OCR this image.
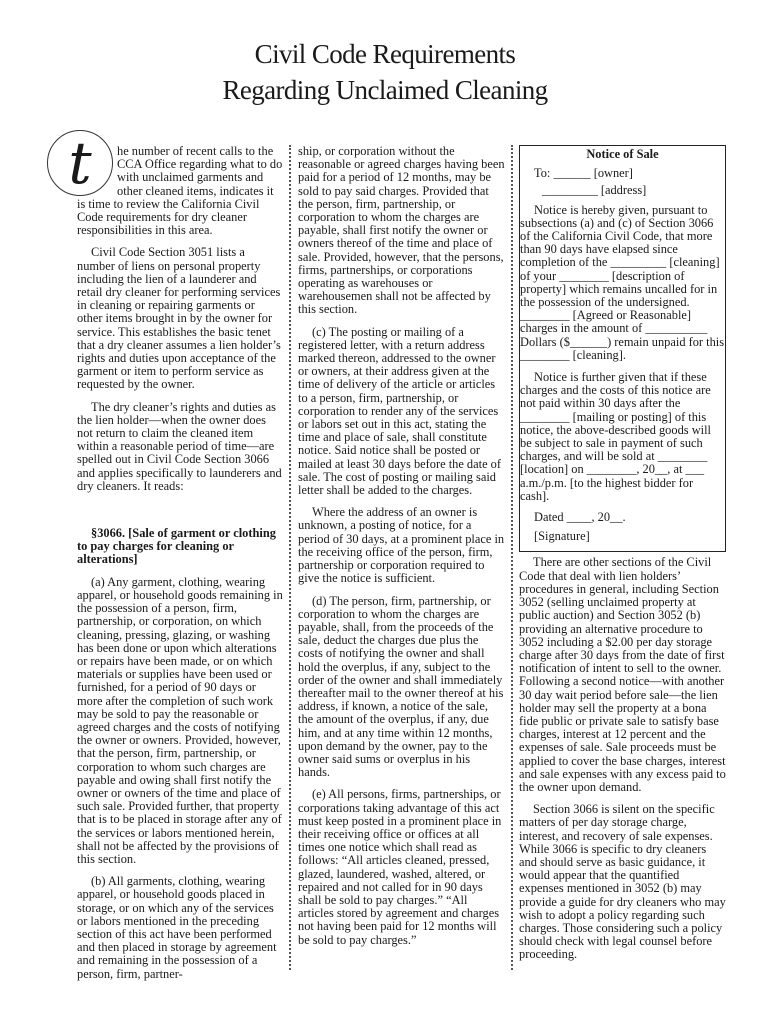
Civil Code Requirements
Regarding Unclaimed Cleaning

t	he number of recent calls to the CCA Office regarding what to do with unclaimed garments and other cleaned items, indicates it is time to review the California Civil Code requirements for dry cleaner responsibilities in this area.

Civil Code Section 3051 lists a number of liens on personal property including the lien of a launderer and retail dry cleaner for performing services in cleaning or repairing garments or other items brought in by the owner for service. This establishes the basic tenet that a dry cleaner assumes a lien holder’s rights and duties upon acceptance of the garment or item to perform service as requested by the owner.

The dry cleaner’s rights and duties as the lien holder—when the owner does not return to claim the cleaned item within a reasonable period of time—are spelled out in Civil Code Section 3066 and applies specifically to launderers and dry cleaners. It reads:

§3066. [Sale of garment or clothing to pay charges for cleaning or alterations]

(a) Any garment, clothing, wearing apparel, or household goods remaining in the possession of a person, firm, partnership, or corporation, on which cleaning, pressing, glazing, or washing has been done or upon which alterations or repairs have been made, or on which materials or supplies have been used or furnished, for a period of 90 days or more after the completion of such work may be sold to pay the reasonable or agreed charges and the costs of notifying the owner or owners. Provided, however, that the person, firm, partnership, or corporation to whom such charges are payable and owing shall first notify the owner or owners of the time and place of such sale. Provided further, that property that is to be placed in storage after any of the services or labors mentioned herein, shall not be affected by the provisions of this section.

(b) All garments, clothing, wearing apparel, or household goods placed in storage, or on which any of the services or labors mentioned in the preceding section of this act have been performed and then placed in storage by agreement and remaining in the possession of a person, firm, partner-

ship, or corporation without the reasonable or agreed charges having been paid for a period of 12 months, may be sold to pay said charges. Provided that the person, firm, partnership, or corporation to whom the charges are payable, shall first notify the owner or owners thereof of the time and place of sale. Provided, however, that the persons, firms, partnerships, or corporations operating as warehouses or warehousemen shall not be affected by this section.

(c) The posting or mailing of a registered letter, with a return address marked thereon, addressed to the owner or owners, at their address given at the time of delivery of the article or articles to a person, firm, partnership, or corporation to render any of the services or labors set out in this act, stating the time and place of sale, shall constitute notice. Said notice shall be posted or mailed at least 30 days before the date of sale. The cost of posting or mailing said letter shall be added to the charges.

Where the address of an owner is unknown, a posting of notice, for a period of 30 days, at a prominent place in the receiving office of the person, firm, partnership or corporation required to give the notice is sufficient.

(d) The person, firm, partnership, or corporation to whom the charges are payable, shall, from the proceeds of the sale, deduct the charges due plus the costs of notifying the owner and shall hold the overplus, if any, subject to the order of the owner and shall immediately thereafter mail to the owner thereof at his address, if known, a notice of the sale, the amount of the overplus, if any, due him, and at any time within 12 months, upon demand by the owner, pay to the owner said sums or overplus in his hands.

(e) All persons, firms, partnerships, or corporations taking advantage of this act must keep posted in a prominent place in their receiving office or offices at all times one notice which shall read as follows: “All articles cleaned, pressed, glazed, laundered, washed, altered, or repaired and not called for in 90 days shall be sold to pay charges.” “All articles stored by agreement and charges not having been paid for 12 months will be sold to pay charges.”

Notice of Sale

To: ______ [owner]

_________ [address]

Notice is hereby given, pursuant to subsections (a) and (c) of Section 3066 of the California Civil Code, that more than 90 days have elapsed since completion of the _________ [cleaning] of your ________ [description of property] which remains uncalled for in the possession of the undersigned. ________ [Agreed or Reasonable] charges in the amount of __________ Dollars ($______) remain unpaid for this ________ [cleaning].

Notice is further given that if these charges and the costs of this notice are not paid within 30 days after the ________ [mailing or posting] of this notice, the above-described goods will be subject to sale in payment of such charges, and will be sold at ________ [location] on ________, 20__, at ___ a.m./p.m. [to the highest bidder for cash].

Dated ____, 20__.

[Signature]

There are other sections of the Civil Code that deal with lien holders’ procedures in general, including Section 3052 (selling unclaimed property at public auction) and Section 3052 (b) providing an alternative procedure to 3052 including a $2.00 per day storage charge after 30 days from the date of first notification of intent to sell to the owner. Following a second notice—with another 30 day wait period before sale—the lien holder may sell the property at a bona fide public or private sale to satisfy base charges, interest at 12 percent and the expenses of sale. Sale proceeds must be applied to cover the base charges, interest and sale expenses with any excess paid to the owner upon demand.

Section 3066 is silent on the specific matters of per day storage charge, interest, and recovery of sale expenses. While 3066 is specific to dry cleaners and should serve as basic guidance, it would appear that the quantified expenses mentioned in 3052 (b) may provide a guide for dry cleaners who may wish to adopt a policy regarding such charges. Those considering such a policy should check with legal counsel before proceeding.
